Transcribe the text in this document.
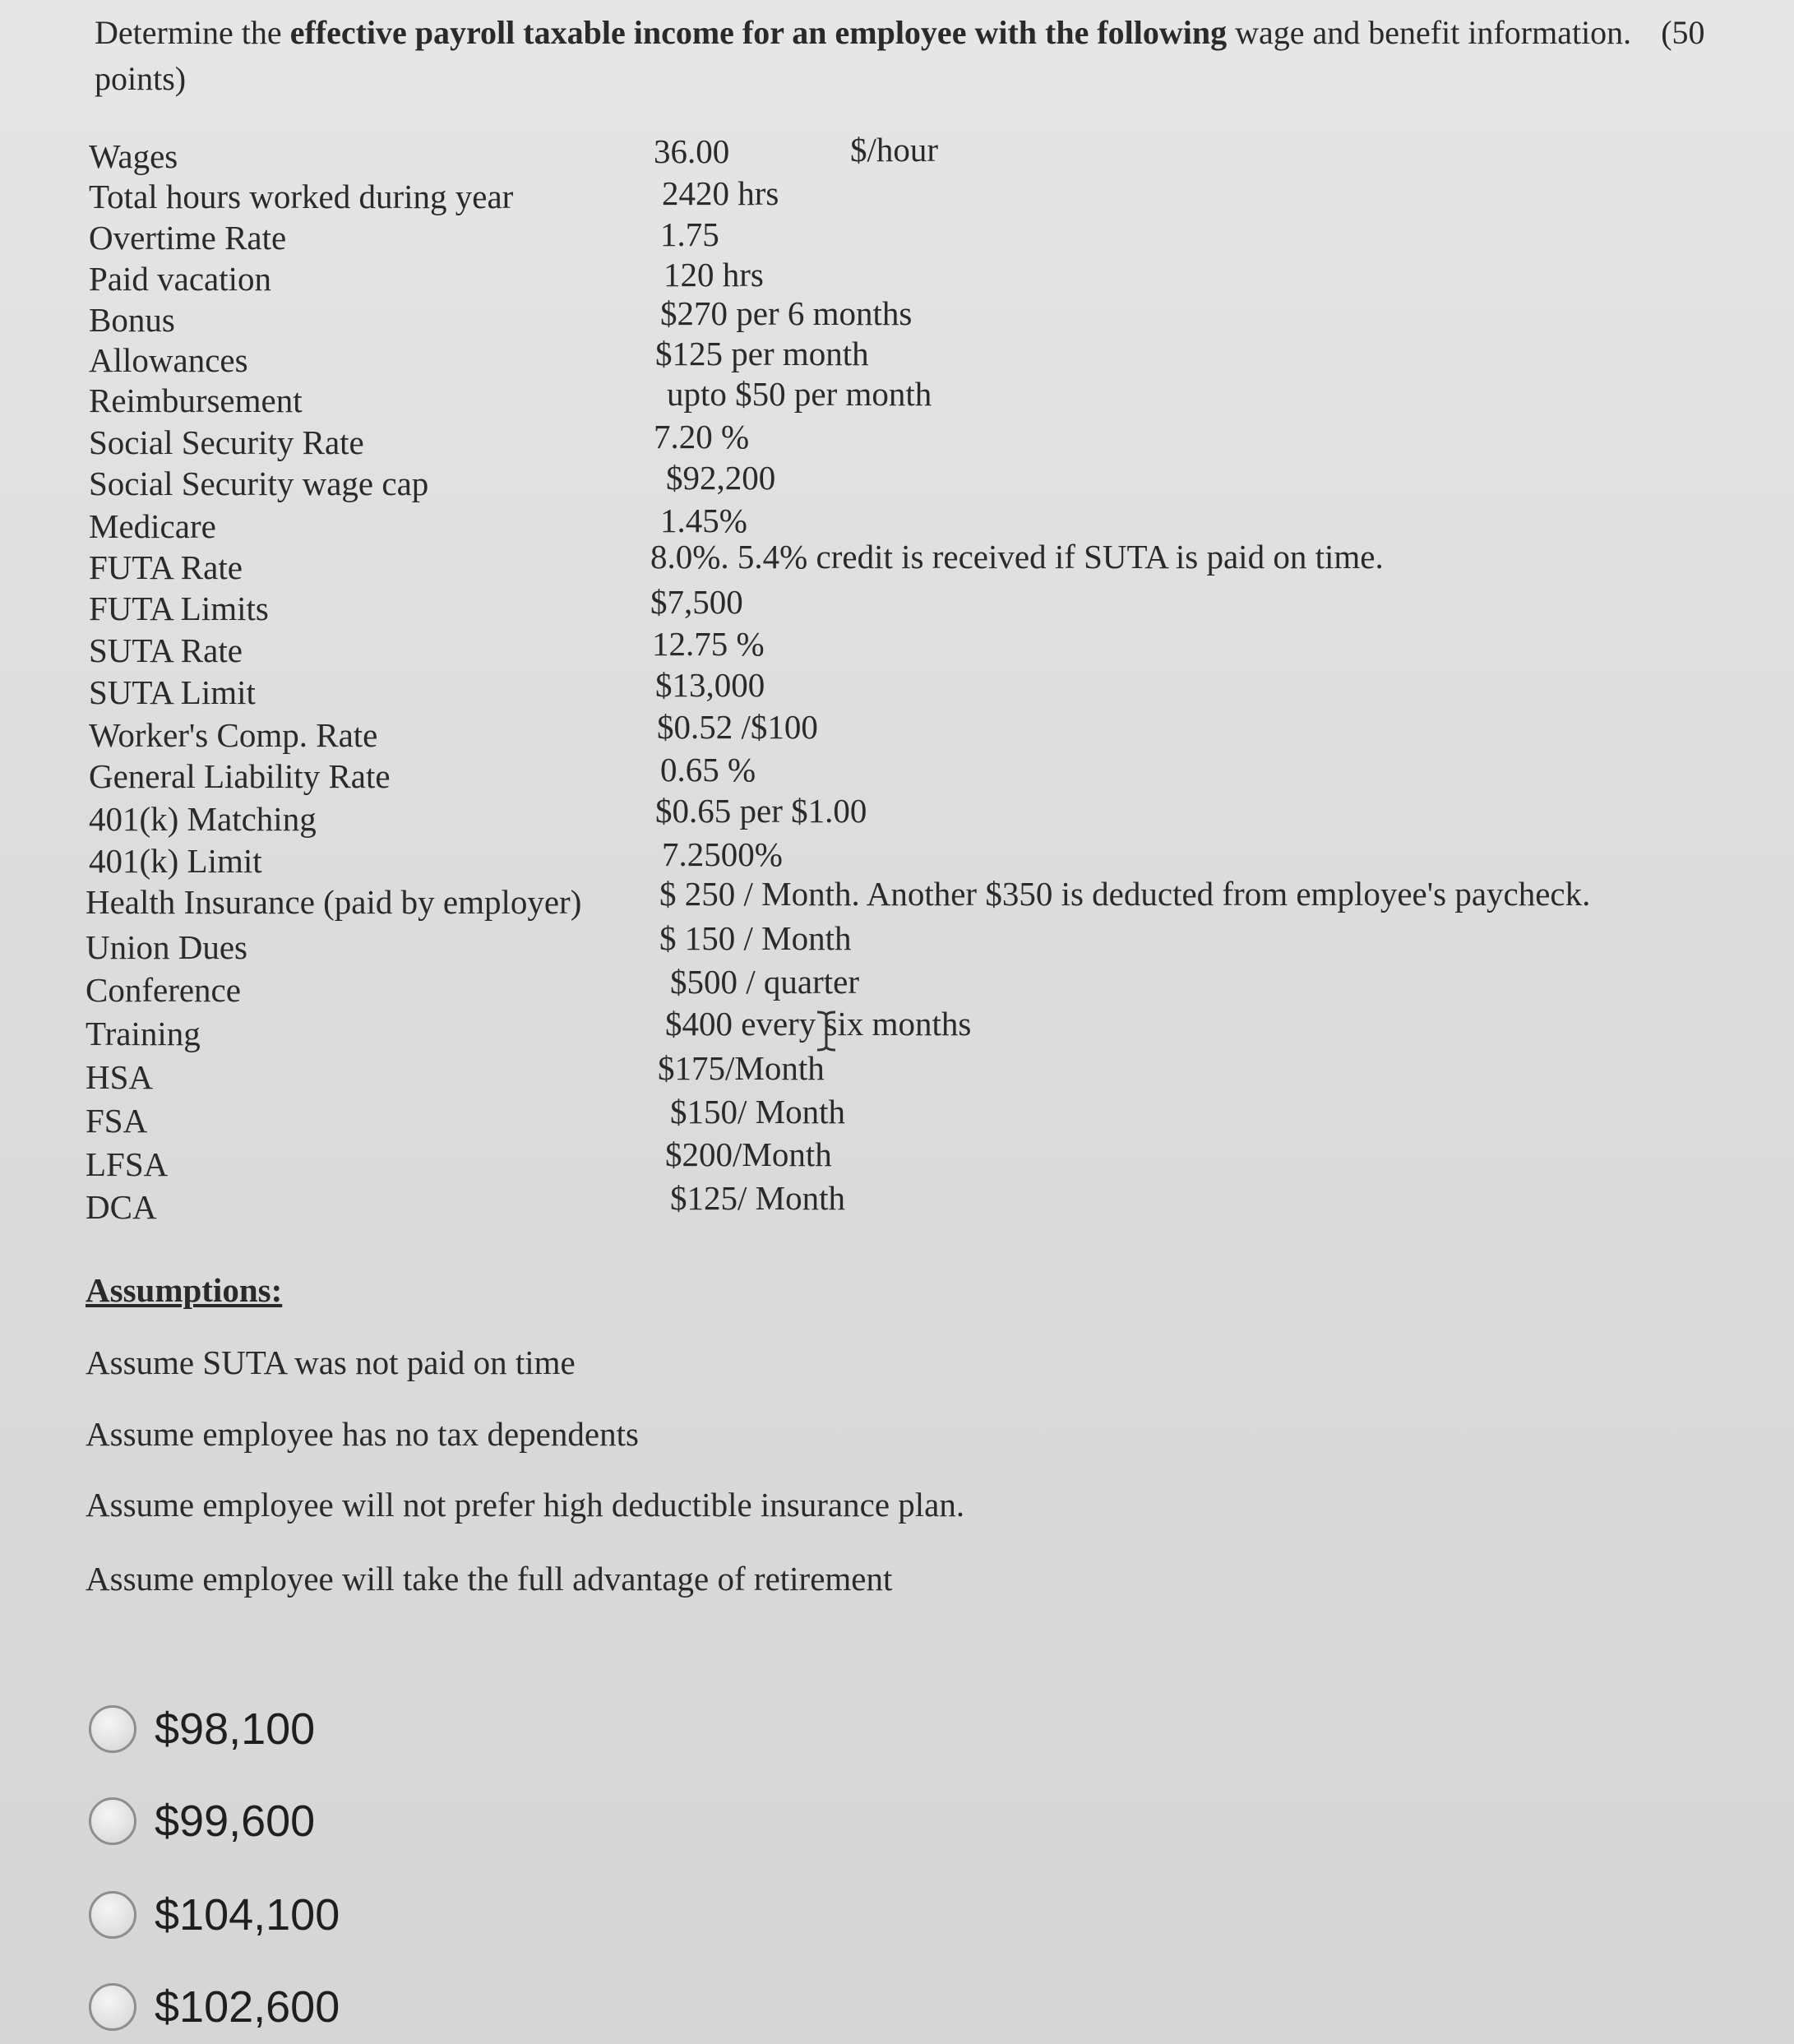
Determine the effective payroll taxable income for an employee with the following wage and benefit information. (50 points)
Wages	36.00	$/hour
Total hours worked during year	2420 hrs
Overtime Rate	1.75
Paid vacation	120 hrs
Bonus	$270 per 6 months
Allowances	$125 per month
Reimbursement	upto $50 per month
Social Security Rate	7.20 %
Social Security wage cap	$92,200
Medicare	1.45%
FUTA Rate	8.0%. 5.4% credit is received if SUTA is paid on time.
FUTA Limits	$7,500
SUTA Rate	12.75 %
SUTA Limit	$13,000
Worker's Comp. Rate	$0.52 /$100
General Liability Rate	0.65 %
401(k) Matching	$0.65 per $1.00
401(k) Limit	7.2500%
Health Insurance (paid by employer) $ 250 / Month. Another $350 is deducted from employee's paycheck.
Union Dues	$ 150 / Month
Conference	$500 / quarter
Training	$400 every six months
HSA	$175/Month
FSA	$150/ Month
LFSA	$200/Month
DCA	$125/ Month
Assumptions:
Assume SUTA was not paid on time
Assume employee has no tax dependents
Assume employee will not prefer high deductible insurance plan.
Assume employee will take the full advantage of retirement
$98,100
$99,600
$104,100
$102,600
